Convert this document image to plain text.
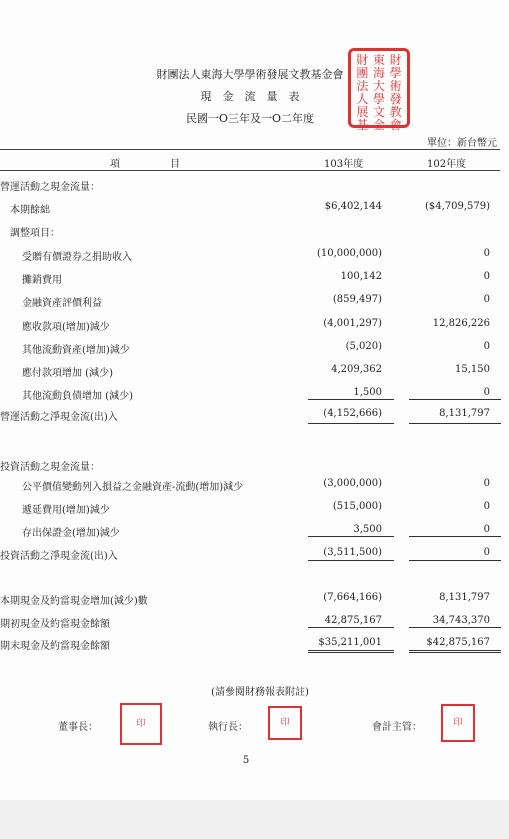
財團法人東海大學學術發展文教基金會
現　金　流　量　表
民國一O三年及一O二年度
財 東 財
團 海 學
法 大 術
人 學 發
展 文 教
基 金 會
單位：新台幣元
項　　　　　目	103年度	102年度
營運活動之現金流量：
本期餘絀	$6,402,144	($4,709,579)
調整項目：
受贈有價證券之捐助收入	(10,000,000)	0
攤銷費用	100,142	0
金融資產評價利益	(859,497)	0
應收款項(增加)減少	(4,001,297)	12,826,226
其他流動資產(增加)減少	(5,020)	0
應付款項增加 (減少)	4,209,362	15,150
其他流動負債增加 (減少)	1,500	0
營運活動之淨現金流(出)入	(4,152,666)	8,131,797
投資活動之現金流量：
公平價值變動列入損益之金融資產-流動(增加)減少	(3,000,000)	0
遞延費用(增加)減少	(515,000)	0
存出保證金(增加)減少	3,500	0
投資活動之淨現金流(出)入	(3,511,500)	0
本期現金及約當現金增加(減少)數	(7,664,166)	8,131,797
期初現金及約當現金餘額	42,875,167	34,743,370
期末現金及約當現金餘額	$35,211,001	$42,875,167
(請參閱財務報表附註)
董事長：	印	執行長：	印	會計主管：	印
5
